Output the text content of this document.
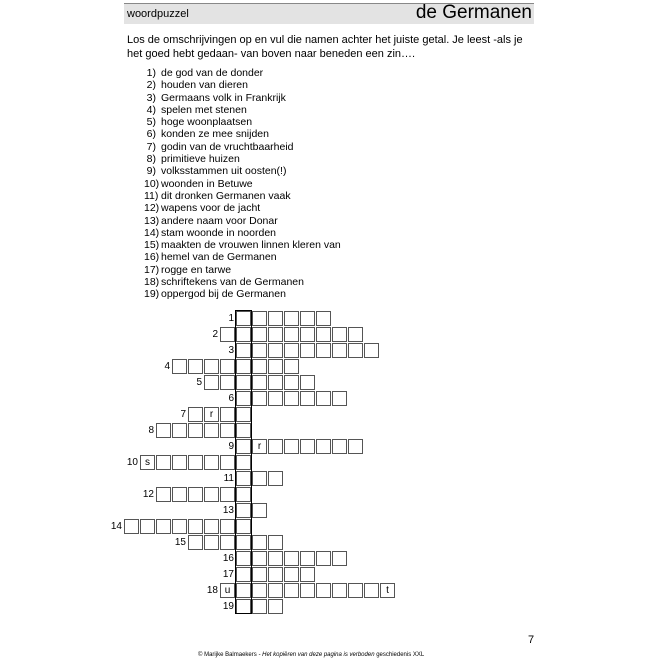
woordpuzzel	de Germanen
Los de omschrijvingen op en vul die namen achter het juiste getal. Je leest -als je het goed hebt gedaan- van boven naar beneden een zin….
1) de god van de donder
2) houden van dieren
3) Germaans volk in Frankrijk
4) spelen met stenen
5) hoge woonplaatsen
6) konden ze mee snijden
7) godin van de vruchtbaarheid
8) primitieve huizen
9) volksstammen uit oosten(!)
10) woonden in Betuwe
11) dit dronken Germanen vaak
12) wapens voor de jacht
13) andere naam voor Donar
14) stam woonde in noorden
15) maakten de vrouwen linnen kleren van
16) hemel van de Germanen
17) rogge en tarwe
18) schriftekens van de Germanen
19) oppergod bij de Germanen
1
2
3
4
5
6
7	r
8
9	r
10 s
11
12
13
14
15
16
17
18 u	t
19
7
© Marijke Balmaekers - Het kopiëren van deze pagina is verboden geschiedenis XXL
